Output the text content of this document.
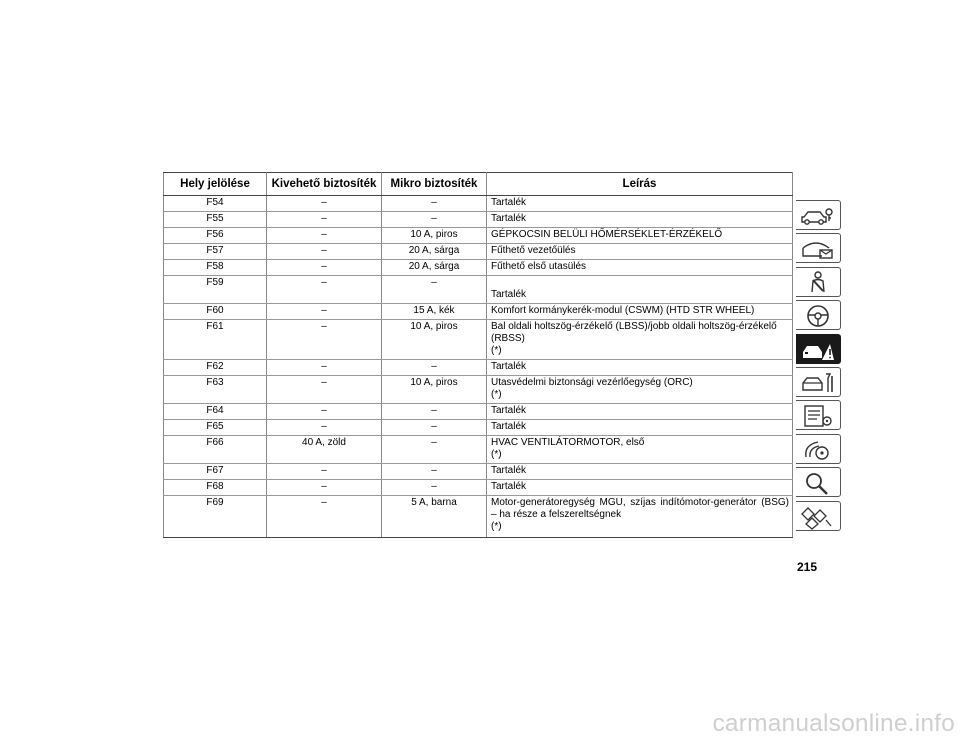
Hely jelölése	Kivehető biztosíték	Mikro biztosíték	Leírás
F54	–	–	Tartalék

F55	–	–	Tartalék

F56	–	10 A, piros	GÉPKOCSIN BELÜLI HŐMÉRSÉKLET-ÉRZÉKELŐ

F57	–	20 A, sárga	Fűthető vezetőülés

F58	–	20 A, sárga	Fűthető első utasülés

F59	–	–	Tartalék

F60	–	15 A, kék	Komfort kormánykerék-modul (CSWM) (HTD STR WHEEL)

F61	–	10 A, piros	Bal oldali holtszög-érzékelő (LBSS)/jobb oldali holtszög-érzékelő (RBSS)
(*)

F62	–	–	Tartalék

F63	–	10 A, piros	Utasvédelmi biztonsági vezérlőegység (ORC)
(*)

F64	–	–	Tartalék

F65	–	–	Tartalék

F66	40 A, zöld	–	HVAC VENTILÁTORMOTOR, első
(*)

F67	–	–	Tartalék

F68	–	–	Tartalék

F69	–	5 A, barna	Motor-generátoregység MGU, szíjas indítómotor-generátor (BSG) – ha része a felszereltségnek
(*)
215
carmanualsonline.info
